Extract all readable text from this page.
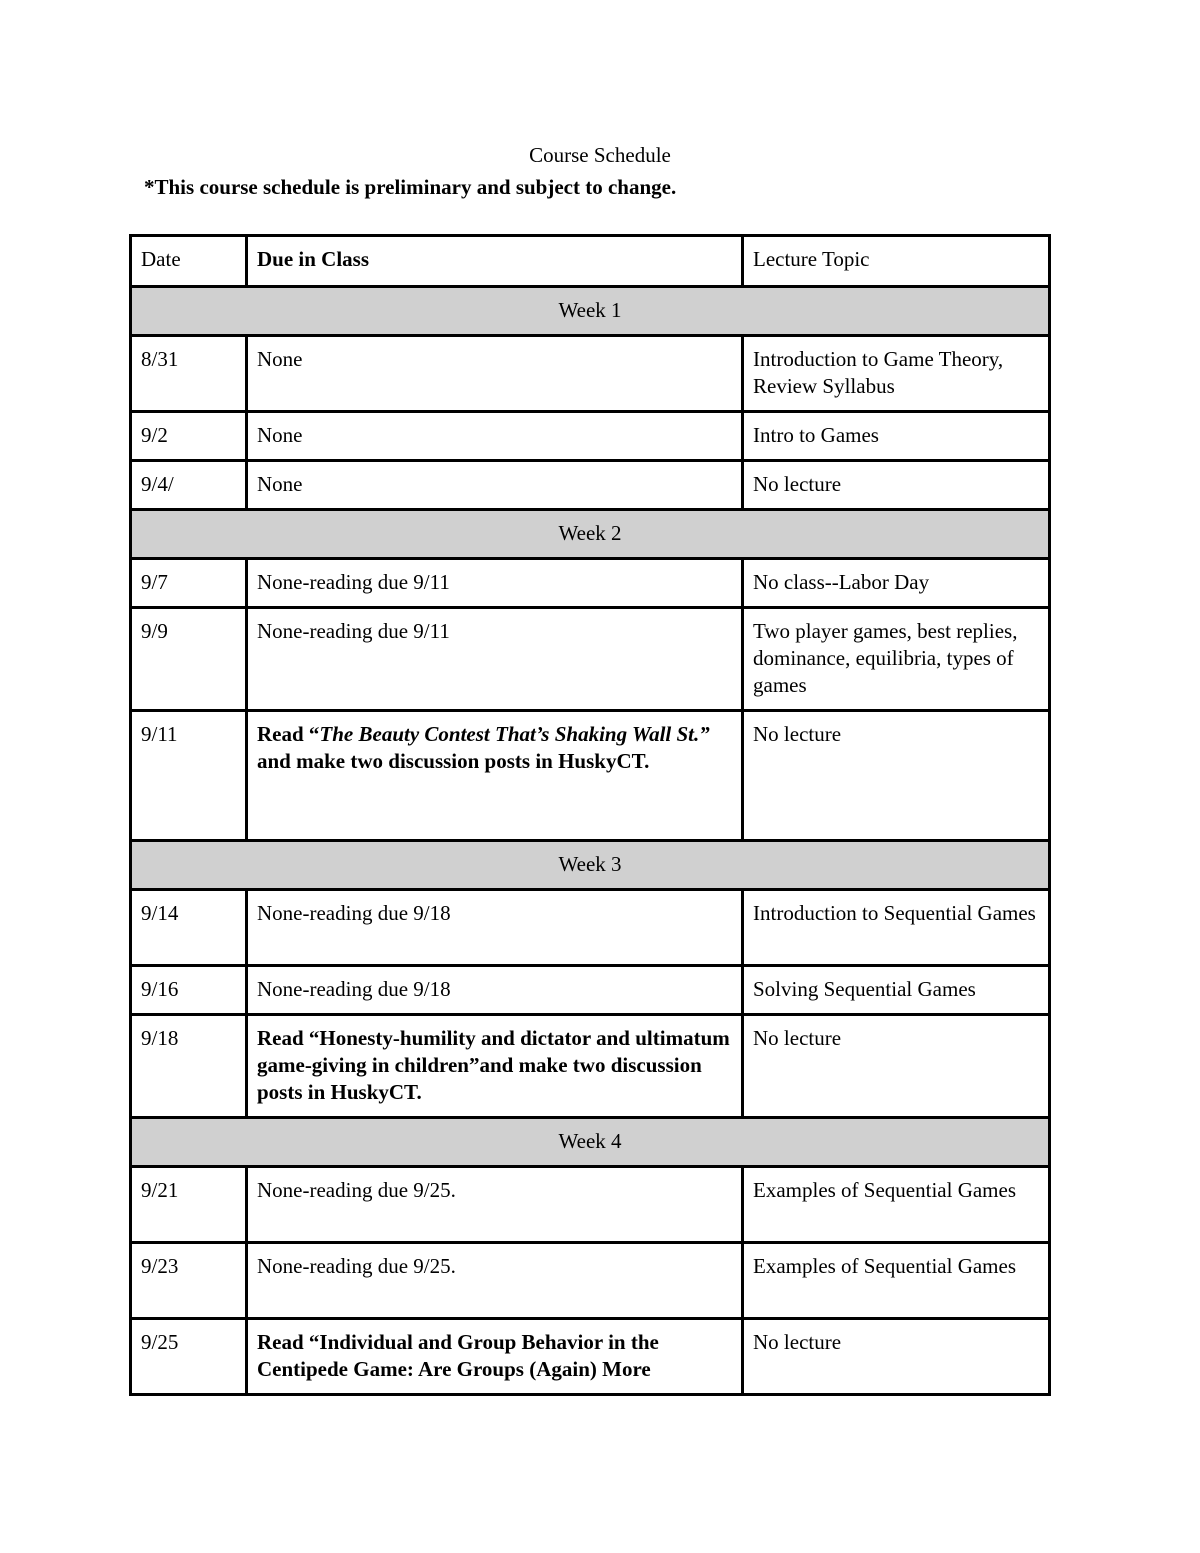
Course Schedule
*This course schedule is preliminary and subject to change.
Date	Due in Class	Lecture Topic
Week 1		
8/31	None	Introduction to Game Theory, Review Syllabus
9/2	None	Intro to Games
9/4/	None	No lecture
Week 2		
9/7	None-reading due 9/11	No class--Labor Day
9/9	None-reading due 9/11	Two player games, best replies, dominance, equilibria, types of games
9/11	Read “The Beauty Contest That’s Shaking Wall St.” and make two discussion posts in HuskyCT.	No lecture
Week 3		
9/14	None-reading due 9/18	Introduction to Sequential Games
9/16	None-reading due 9/18	Solving Sequential Games
9/18	Read “Honesty-humility and dictator and ultimatum game-giving in children”and make two discussion posts in HuskyCT.	No lecture
Week 4		
9/21	None-reading due 9/25.	Examples of Sequential Games
9/23	None-reading due 9/25.	Examples of Sequential Games
9/25	Read “Individual and Group Behavior in the Centipede Game: Are Groups (Again) More	No lecture
